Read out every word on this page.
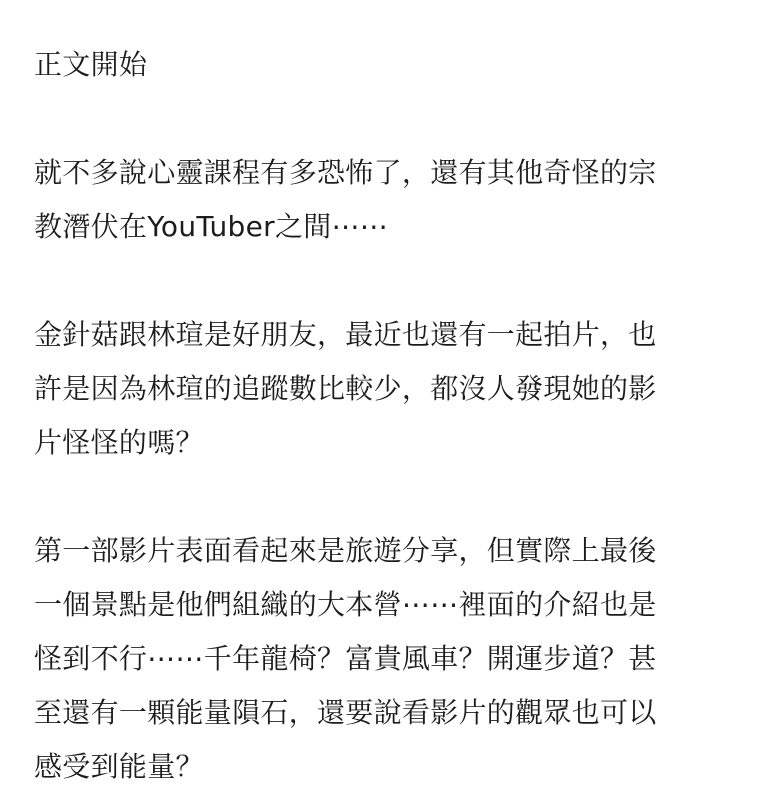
正文開始
就不多說心靈課程有多恐怖了，還有其他奇怪的宗
教潛伏在YouTuber之間⋯⋯
金針菇跟林瑄是好朋友，最近也還有一起拍片，也
許是因為林瑄的追蹤數比較少，都沒人發現她的影
片怪怪的嗎？
第一部影片表面看起來是旅遊分享，但實際上最後
一個景點是他們組織的大本營⋯⋯裡面的介紹也是
怪到不行⋯⋯千年龍椅？富貴風車？開運步道？甚
至還有一顆能量隕石，還要說看影片的觀眾也可以
感受到能量？
